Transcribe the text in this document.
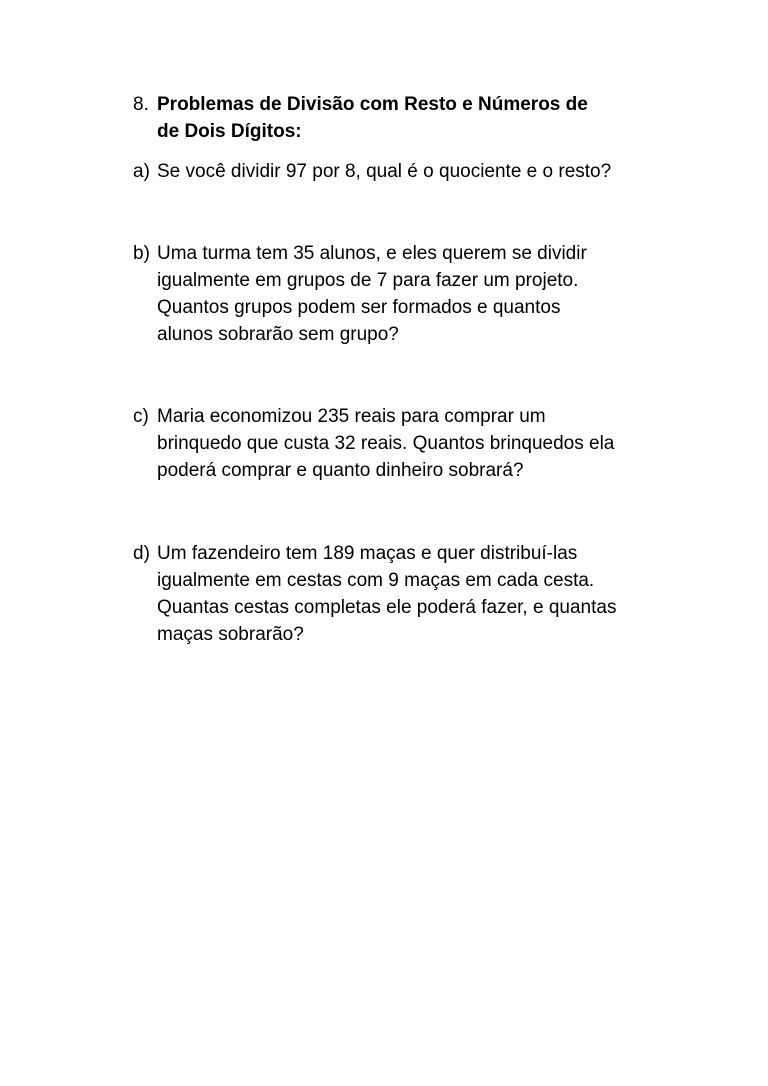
8. Problemas de Divisão com Resto e Números de
de Dois Dígitos:
a) Se você dividir 97 por 8, qual é o quociente e o resto?
b) Uma turma tem 35 alunos, e eles querem se dividir
igualmente em grupos de 7 para fazer um projeto.
Quantos grupos podem ser formados e quantos
alunos sobrarão sem grupo?
c) Maria economizou 235 reais para comprar um
brinquedo que custa 32 reais. Quantos brinquedos ela
poderá comprar e quanto dinheiro sobrará?
d) Um fazendeiro tem 189 maças e quer distribuí-las
igualmente em cestas com 9 maças em cada cesta.
Quantas cestas completas ele poderá fazer, e quantas
maças sobrarão?
